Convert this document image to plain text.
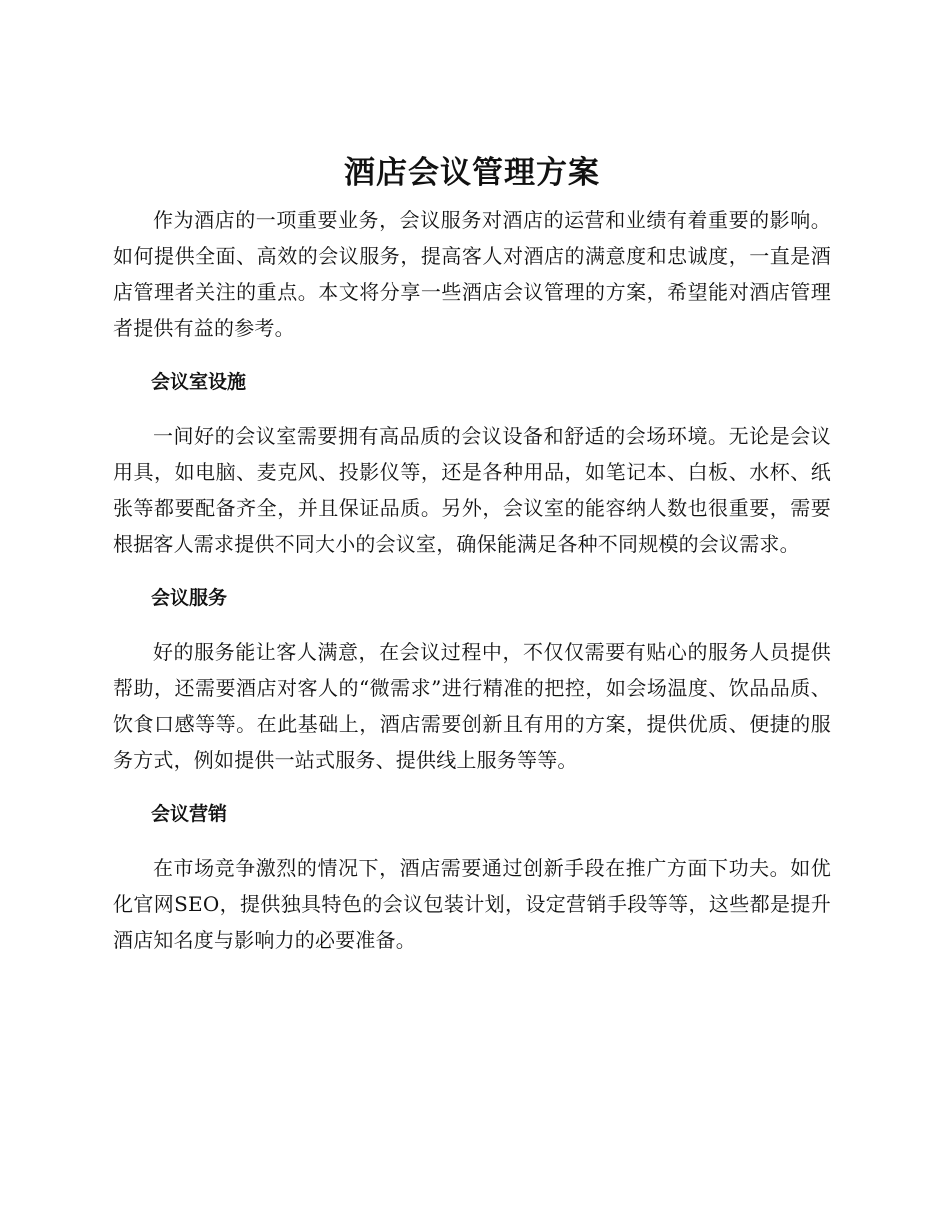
酒店会议管理方案

作为酒店的一项重要业务，会议服务对酒店的运营和业绩有着重要的影响。如何提供全面、高效的会议服务，提高客人对酒店的满意度和忠诚度，一直是酒店管理者关注的重点。本文将分享一些酒店会议管理的方案，希望能对酒店管理者提供有益的参考。

会议室设施

一间好的会议室需要拥有高品质的会议设备和舒适的会场环境。无论是会议用具，如电脑、麦克风、投影仪等，还是各种用品，如笔记本、白板、水杯、纸张等都要配备齐全，并且保证品质。另外，会议室的能容纳人数也很重要，需要根据客人需求提供不同大小的会议室，确保能满足各种不同规模的会议需求。

会议服务

好的服务能让客人满意，在会议过程中，不仅仅需要有贴心的服务人员提供帮助，还需要酒店对客人的“微需求”进行精准的把控，如会场温度、饮品品质、饮食口感等等。在此基础上，酒店需要创新且有用的方案，提供优质、便捷的服务方式，例如提供一站式服务、提供线上服务等等。

会议营销

在市场竞争激烈的情况下，酒店需要通过创新手段在推广方面下功夫。如优化官网SEO，提供独具特色的会议包装计划，设定营销手段等等，这些都是提升酒店知名度与影响力的必要准备。
